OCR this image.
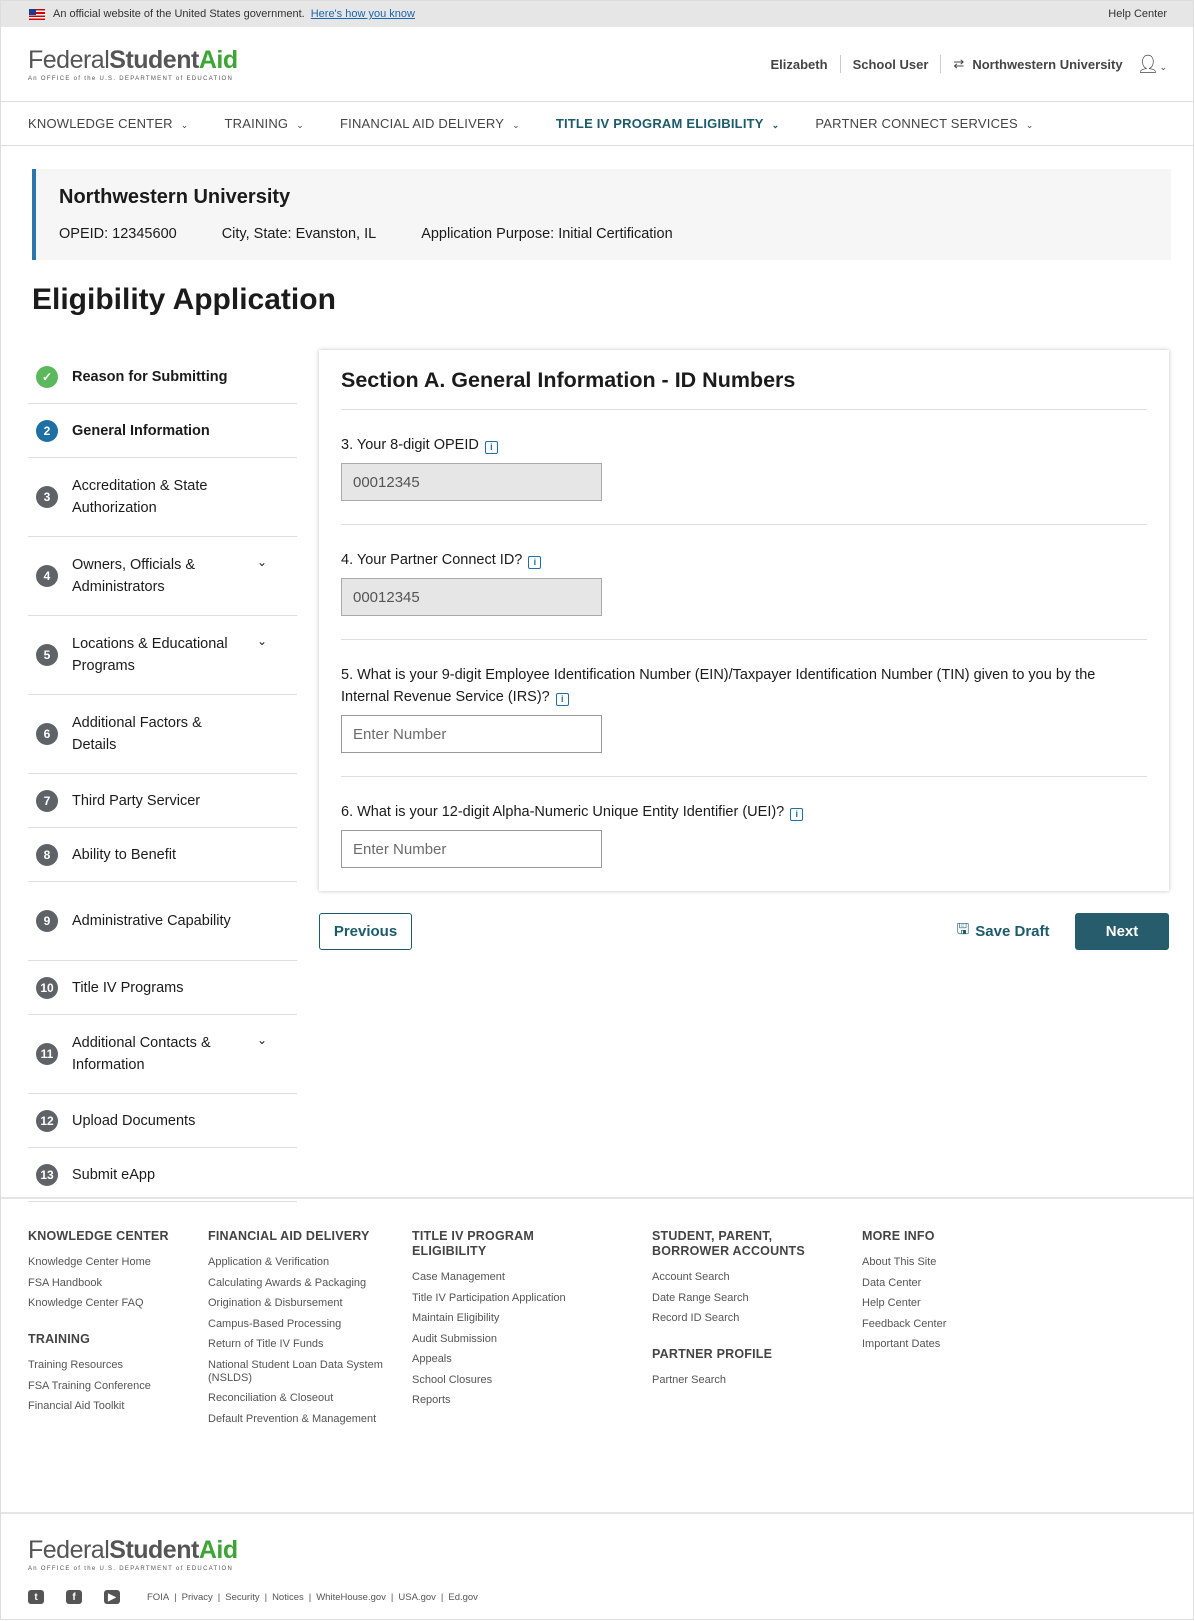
An official website of the United States government. Here's how you know	Help Center
FederalStudentAid
An OFFICE of the U.S. DEPARTMENT of EDUCATION
Elizabeth School User ⇄ Northwestern University 👤︎⌄
KNOWLEDGE CENTER ⌄	TRAINING ⌄	FINANCIAL AID DELIVERY ⌄	TITLE IV PROGRAM ELIGIBILITY ⌄	PARTNER CONNECT SERVICES ⌄
Northwestern University
OPEID: 12345600	City, State: Evanston, IL	Application Purpose: Initial Certification
Eligibility Application
✓	Reason for Submitting
2	General Information
3
Accreditation & State Authorization
4
Owners, Officials & Administrators
⌄
5
Locations & Educational Programs
⌄
6
Additional Factors & Details
7	Third Party Servicer
8	Ability to Benefit
9	Administrative Capability
10 Title IV Programs
11
Additional Contacts & Information
⌄
12 Upload Documents
13 Submit eApp
Section A. General Information - ID Numbers
3. Your 8-digit OPEID i
00012345
4. Your Partner Connect ID? i
00012345
5. What is your 9-digit Employee Identification Number (EIN)/Taxpayer Identification Number (TIN) given to you by the Internal Revenue Service (IRS)? i
Enter Number
6. What is your 12-digit Alpha-Numeric Unique Entity Identifier (UEI)? i
Enter Number
Previous	🖫 Save Draft	Next
KNOWLEDGE CENTER
Knowledge Center Home
FSA Handbook
Knowledge Center FAQ
TRAINING
Training Resources
FSA Training Conference
Financial Aid Toolkit
FINANCIAL AID DELIVERY
Application & Verification
Calculating Awards & Packaging
Origination & Disbursement
Campus-Based Processing
Return of Title IV Funds
National Student Loan Data System (NSLDS)
Reconciliation & Closeout
Default Prevention & Management
TITLE IV PROGRAM ELIGIBILITY
Case Management
Title IV Participation Application
Maintain Eligibility
Audit Submission
Appeals
School Closures
Reports
STUDENT, PARENT, BORROWER ACCOUNTS
Account Search
Date Range Search
Record ID Search
PARTNER PROFILE
Partner Search
MORE INFO
About This Site
Data Center
Help Center
Feedback Center
Important Dates
FederalStudentAid
An OFFICE of the U.S. DEPARTMENT of EDUCATION
t	f	▶	FOIA | Privacy | Security | Notices | WhiteHouse.gov | USA.gov | Ed.gov
